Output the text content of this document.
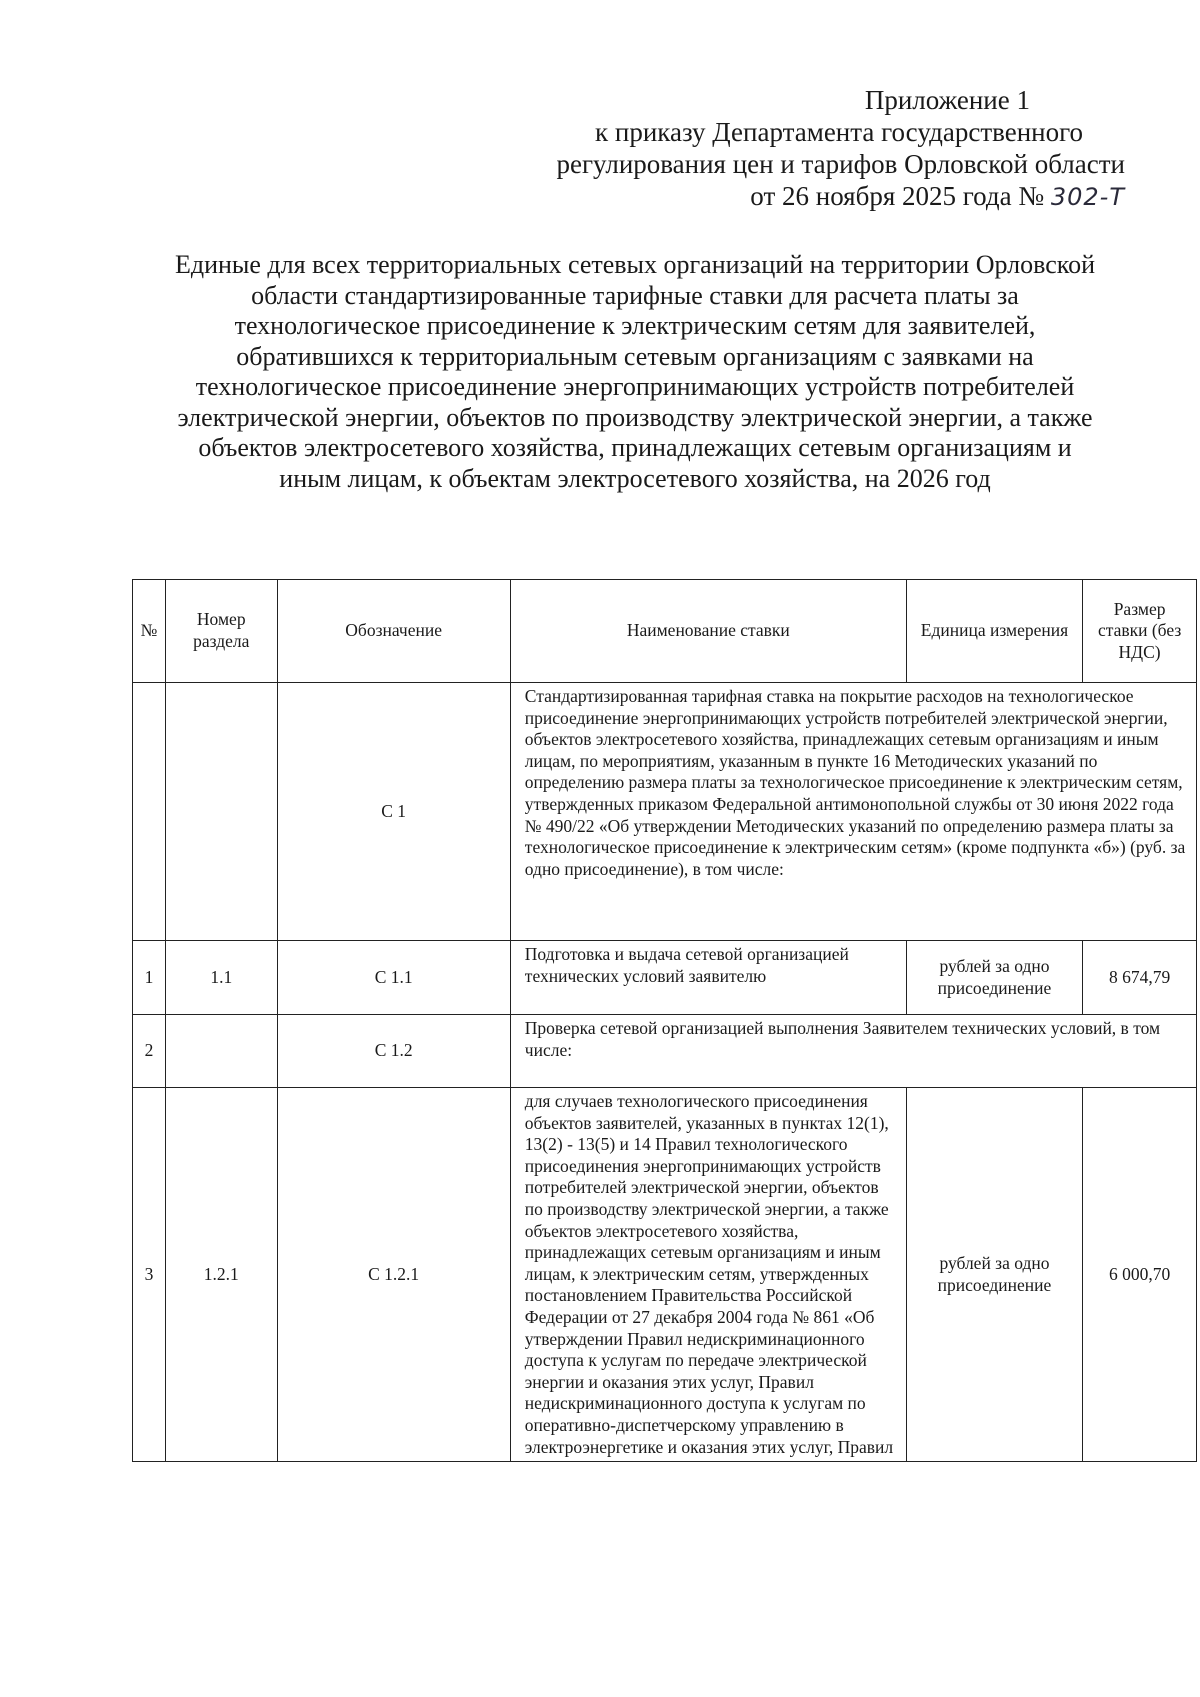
Приложение 1
к приказу Департамента государственного
регулирования цен и тарифов Орловской области
от 26 ноября 2025 года № 302-Т
Единые для всех территориальных сетевых организаций на территории Орловской области стандартизированные тарифные ставки для расчета платы за технологическое присоединение к электрическим сетям для заявителей, обратившихся к территориальным сетевым организациям с заявками на технологическое присоединение энергопринимающих устройств потребителей электрической энергии, объектов по производству электрической энергии, а также объектов электросетевого хозяйства, принадлежащих сетевым организациям и иным лицам, к объектам электросетевого хозяйства, на 2026 год
№	Номер раздела	Обозначение	Наименование ставки	Единица измерения	Размер ставки (без НДС)
		С 1	Стандартизированная тарифная ставка на покрытие расходов на технологическое присоединение энергопринимающих устройств потребителей электрической энергии, объектов электросетевого хозяйства, принадлежащих сетевым организациям и иным лицам, по мероприятиям, указанным в пункте 16 Методических указаний по определению размера платы за технологическое присоединение к электрическим сетям, утвержденных приказом Федеральной антимонопольной службы от 30 июня 2022 года № 490/22 «Об утверждении Методических указаний по определению размера платы за технологическое присоединение к электрическим сетям» (кроме подпункта «б») (руб. за одно присоединение), в том числе:		
1	1.1	С 1.1	Подготовка и выдача сетевой организацией технических условий заявителю	рублей за одно присоединение	8 674,79
2		С 1.2	Проверка сетевой организацией выполнения Заявителем технических условий, в том числе:		
3	1.2.1	С 1.2.1	для случаев технологического присоединения объектов заявителей, указанных в пунктах 12(1), 13(2) - 13(5) и 14 Правил технологического присоединения энергопринимающих устройств потребителей электрической энергии, объектов по производству электрической энергии, а также объектов электросетевого хозяйства, принадлежащих сетевым организациям и иным лицам, к электрическим сетям, утвержденных постановлением Правительства Российской Федерации от 27 декабря 2004 года № 861 «Об утверждении Правил недискриминационного доступа к услугам по передаче электрической энергии и оказания этих услуг, Правил недискриминационного доступа к услугам по оперативно-диспетчерскому управлению в электроэнергетике и оказания этих услуг, Правил	рублей за одно присоединение	6 000,70
